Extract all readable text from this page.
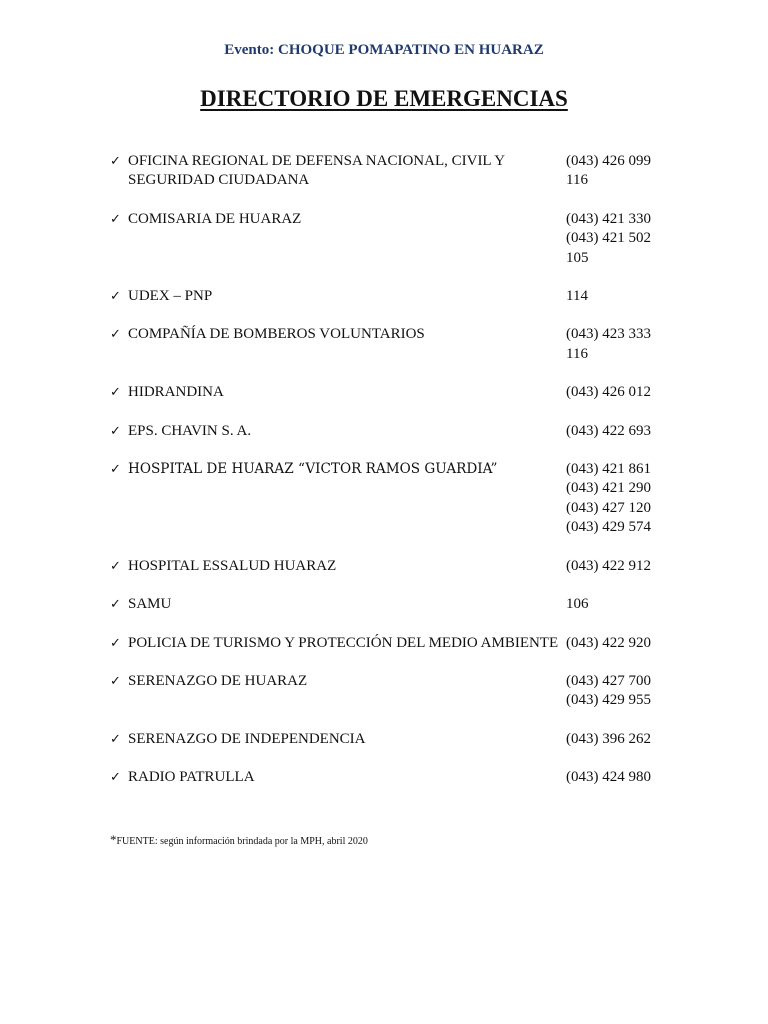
Evento: CHOQUE POMAPATINO EN HUARAZ
DIRECTORIO DE EMERGENCIAS
✓ OFICINA REGIONAL DE DEFENSA NACIONAL, CIVIL Y SEGURIDAD CIUDADANA
(043) 426 099
116
✓ COMISARIA DE HUARAZ	(043) 421 330
(043) 421 502
105
✓ UDEX – PNP	114
✓ COMPAÑÍA DE BOMBEROS VOLUNTARIOS	(043) 423 333
116
✓ HIDRANDINA	(043) 426 012
✓ EPS. CHAVIN S. A.	(043) 422 693
✓ HOSPITAL DE HUARAZ “VICTOR RAMOS GUARDIA”	(043) 421 861
(043) 421 290
(043) 427 120
(043) 429 574
✓ HOSPITAL ESSALUD HUARAZ	(043) 422 912
✓ SAMU	106
✓ POLICIA DE TURISMO Y PROTECCIÓN DEL MEDIO AMBIENTE (043) 422 920
✓ SERENAZGO DE HUARAZ	(043) 427 700
(043) 429 955
✓ SERENAZGO DE INDEPENDENCIA	(043) 396 262
✓ RADIO PATRULLA	(043) 424 980
*FUENTE: según información brindada por la MPH, abril 2020
